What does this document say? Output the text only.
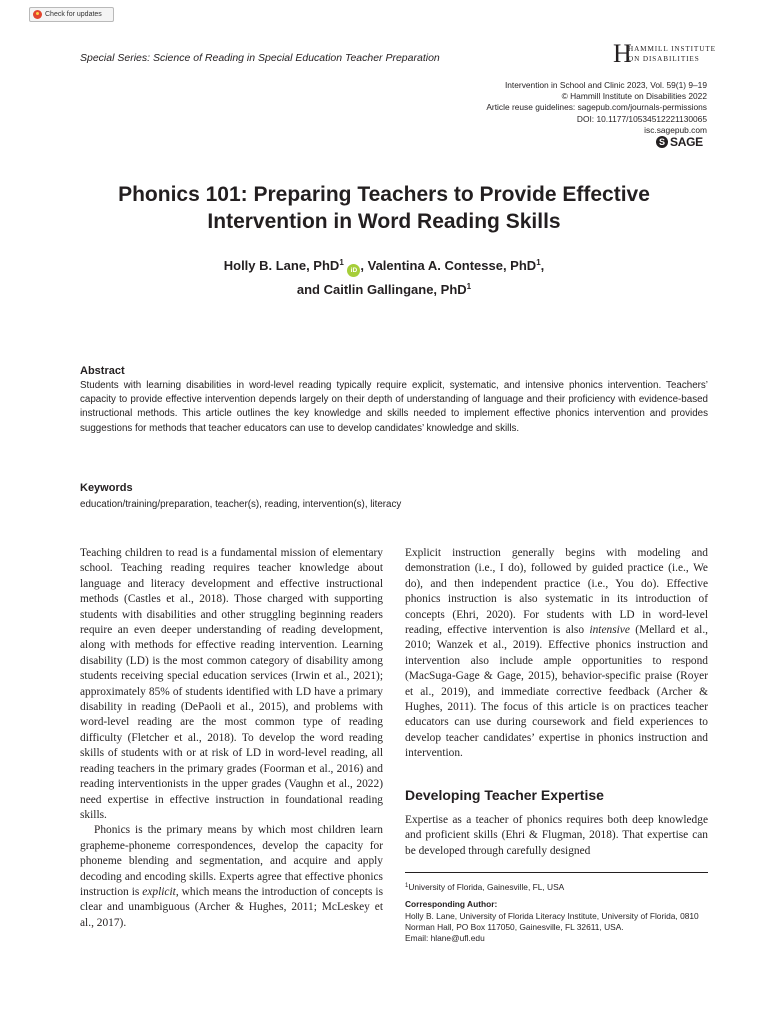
Check for updates
Special Series: Science of Reading in Special Education Teacher Preparation	H
HAMMILL INSTITUTE
ON DISABILITIES
Intervention in School and Clinic 2023, Vol. 59(1) 9–19
© Hammill Institute on Disabilities 2022
Article reuse guidelines: sagepub.com/journals-permissions
DOI: 10.1177/10534512221130065
isc.sagepub.com
S SAGE
Phonics 101: Preparing Teachers to Provide Effective
Intervention in Word Reading Skills
Holly B. Lane, PhD$^1$ iD , Valentina A. Contesse, PhD$^1$,
and Caitlin Gallingane, PhD$^1$
Abstract
Students with learning disabilities in word-level reading typically require explicit, systematic, and intensive phonics intervention. Teachers’ capacity to provide effective intervention depends largely on their depth of understanding of language and their proficiency with evidence-based instructional methods. This article outlines the key knowledge and skills needed to implement effective phonics intervention and provides suggestions for methods that teacher educators can use to develop candidates’ knowledge and skills.
Keywords
education/training/preparation, teacher(s), reading, intervention(s), literacy

Teaching children to read is a fundamental mission of elementary school. Teaching reading requires teacher knowledge about language and literacy development and effective instructional methods (Castles et al., 2018). Those charged with supporting students with disabilities and other struggling beginning readers require an even deeper understanding of reading development, along with methods for effective reading intervention. Learning disability (LD) is the most common category of disability among students receiving special education services (Irwin et al., 2021); approximately 85% of students identified with LD have a primary disability in reading (DePaoli et al., 2015), and problems with word-level reading are the most common type of reading difficulty (Fletcher et al., 2018). To develop the word reading skills of students with or at risk of LD in word-level reading, all reading teachers in the primary grades (Foorman et al., 2016) and reading interventionists in the upper grades (Vaughn et al., 2022) need expertise in effective instruction in foundational reading skills.

Phonics is the primary means by which most children learn grapheme-phoneme correspondences, develop the capacity for phoneme blending and segmentation, and acquire and apply decoding and encoding skills. Experts agree that effective phonics instruction is explicit, which means the introduction of concepts is clear and unambiguous (Archer & Hughes, 2011; McLeskey et al., 2017).

Explicit instruction generally begins with modeling and demonstration (i.e., I do), followed by guided practice (i.e., We do), and then independent practice (i.e., You do). Effective phonics instruction is also systematic in its introduction of concepts (Ehri, 2020). For students with LD in word-level reading, effective intervention is also intensive (Mellard et al., 2010; Wanzek et al., 2019). Effective phonics instruction and intervention also include ample opportunities to respond (MacSuga-Gage & Gage, 2015), behavior-specific praise (Royer et al., 2019), and immediate corrective feedback (Archer & Hughes, 2011). The focus of this article is on practices teacher educators can use during coursework and field experiences to develop teacher candidates’ expertise in phonics instruction and intervention.

Developing Teacher Expertise

Expertise as a teacher of phonics requires both deep knowledge and proficient skills (Ehri & Flugman, 2018). That expertise can be developed through carefully designed

$^1$University of Florida, Gainesville, FL, USA
Corresponding Author:
Holly B. Lane, University of Florida Literacy Institute, University of Florida, 0810 Norman Hall, PO Box 117050, Gainesville, FL 32611, USA.
Email: hlane@ufl.edu
